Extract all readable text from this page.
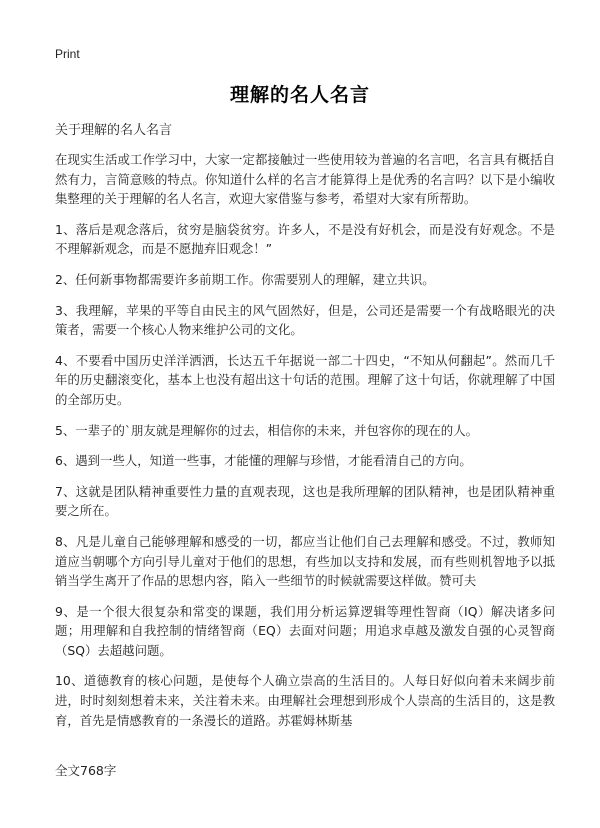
Print
理解的名人名言
关于理解的名人名言

在现实生活或工作学习中，大家一定都接触过一些使用较为普遍的名言吧，名言具有概括自然有力，言简意赅的特点。你知道什么样的名言才能算得上是优秀的名言吗？以下是小编收集整理的关于理解的名人名言，欢迎大家借鉴与参考，希望对大家有所帮助。

1、落后是观念落后，贫穷是脑袋贫穷。许多人，不是没有好机会，而是没有好观念。不是不理解新观念，而是不愿抛弃旧观念！”

2、任何新事物都需要许多前期工作。你需要别人的理解，建立共识。

3、我理解，苹果的平等自由民主的风气固然好，但是，公司还是需要一个有战略眼光的决策者，需要一个核心人物来维护公司的文化。

4、不要看中国历史洋洋洒洒，长达五千年据说一部二十四史，“不知从何翻起”。然而几千年的历史翻滚变化，基本上也没有超出这十句话的范围。理解了这十句话，你就理解了中国的全部历史。

5、一辈子的`朋友就是理解你的过去，相信你的未来，并包容你的现在的人。

6、遇到一些人，知道一些事，才能懂的理解与珍惜，才能看清自己的方向。

7、这就是团队精神重要性力量的直观表现，这也是我所理解的团队精神，也是团队精神重要之所在。

8、凡是儿童自己能够理解和感受的一切，都应当让他们自己去理解和感受。不过，教师知道应当朝哪个方向引导儿童对于他们的思想，有些加以支持和发展，而有些则机智地予以抵销当学生离开了作品的思想内容，陷入一些细节的时候就需要这样做。赞可夫

9、是一个很大很复杂和常变的课题，我们用分析运算逻辑等理性智商（IQ）解决诸多问题；用理解和自我控制的情绪智商（EQ）去面对问题；用追求卓越及激发自强的心灵智商（SQ）去超越问题。

10、道德教育的核心问题，是使每个人确立崇高的生活目的。人每日好似向着未来阔步前进，时时刻刻想着未来，关注着未来。由理解社会理想到形成个人崇高的生活目的，这是教育，首先是情感教育的一条漫长的道路。苏霍姆林斯基

全文768字
